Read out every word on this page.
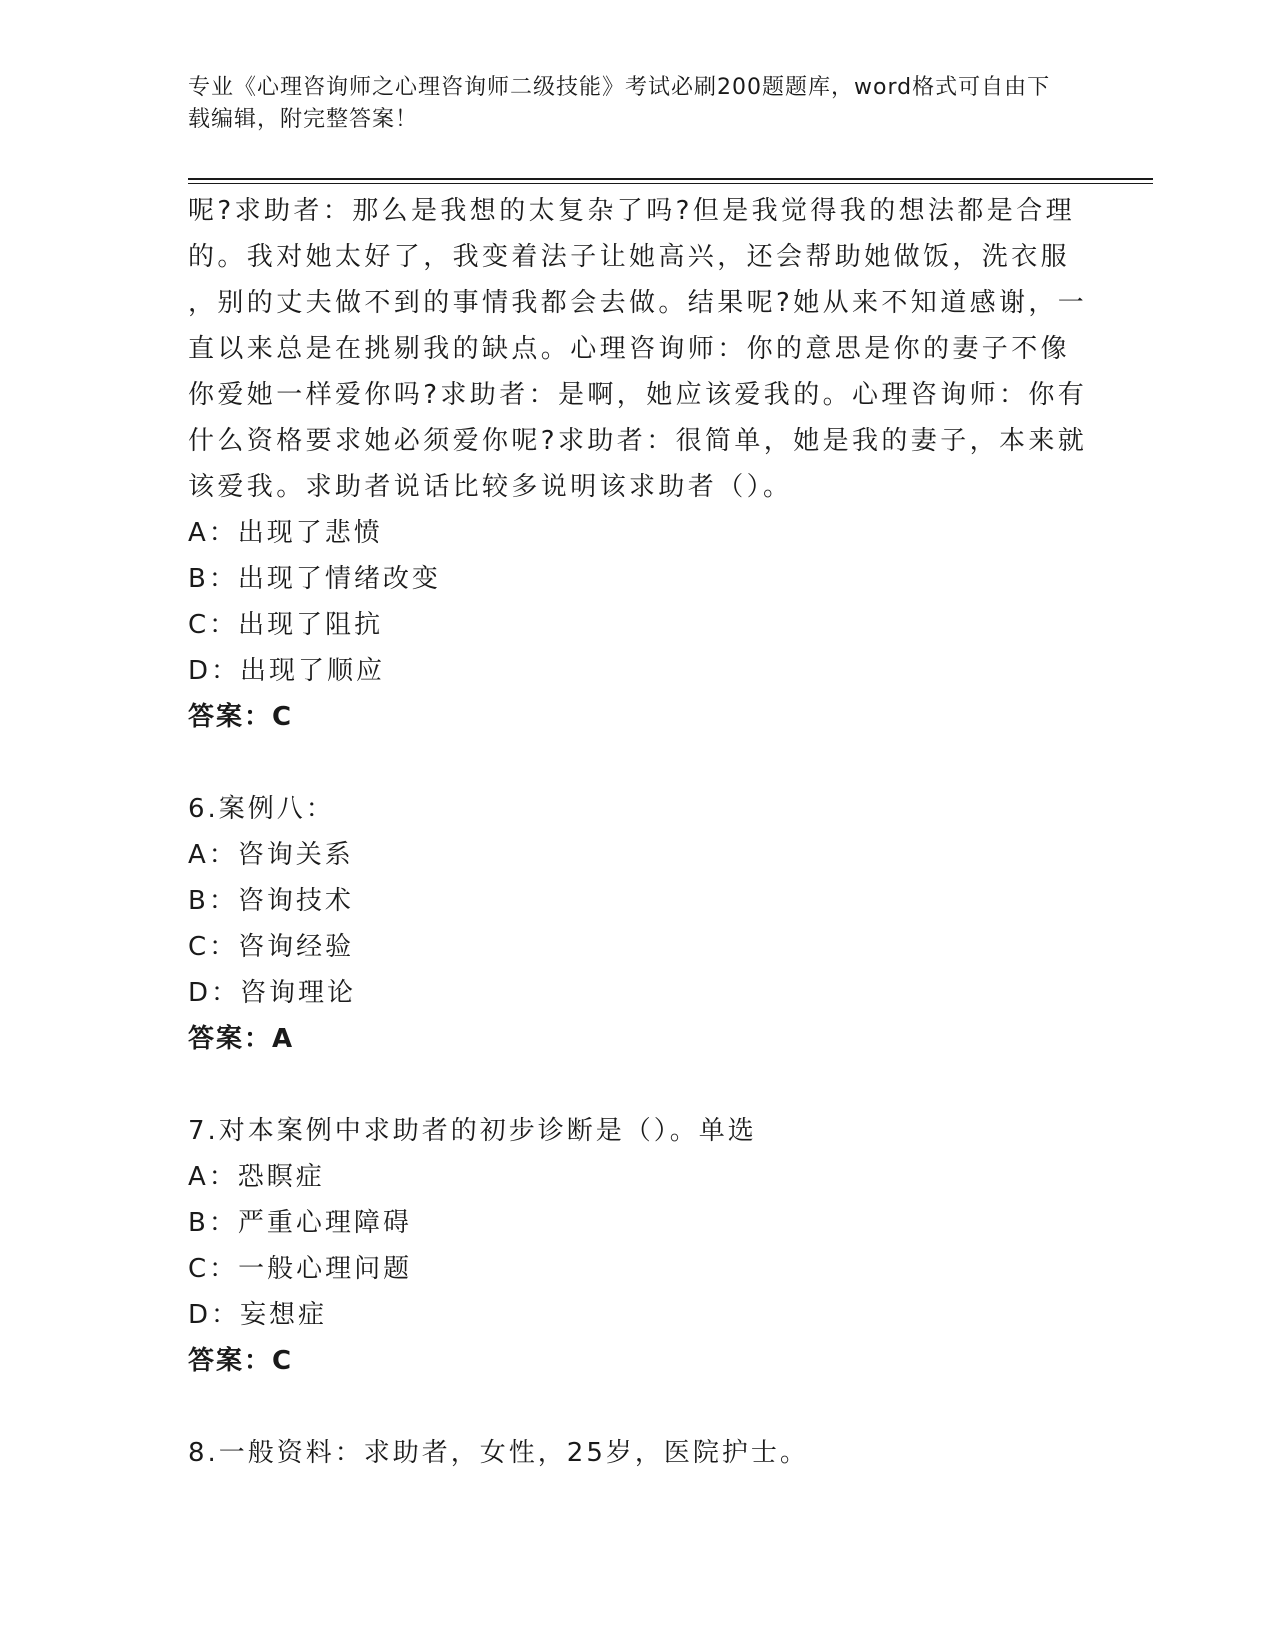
专业《心理咨询师之心理咨询师二级技能》考试必刷200题题库，word格式可自由下载编辑，附完整答案！
呢?求助者：那么是我想的太复杂了吗?但是我觉得我的想法都是合理
的。我对她太好了，我变着法子让她高兴，还会帮助她做饭，洗衣服
，别的丈夫做不到的事情我都会去做。结果呢?她从来不知道感谢，一
直以来总是在挑剔我的缺点。心理咨询师：你的意思是你的妻子不像
你爱她一样爱你吗?求助者：是啊，她应该爱我的。心理咨询师：你有
什么资格要求她必须爱你呢?求助者：很简单，她是我的妻子，本来就
该爱我。求助者说话比较多说明该求助者（）。
A：出现了悲愤
B：出现了情绪改变
C：出现了阻抗
D：出现了顺应
答案：C
6.案例八：
A：咨询关系
B：咨询技术
C：咨询经验
D：咨询理论
答案：A
7.对本案例中求助者的初步诊断是（）。单选
A：恐瞑症
B：严重心理障碍
C：一般心理问题
D：妄想症
答案：C
8.一般资料：求助者，女性，25岁，医院护士。
